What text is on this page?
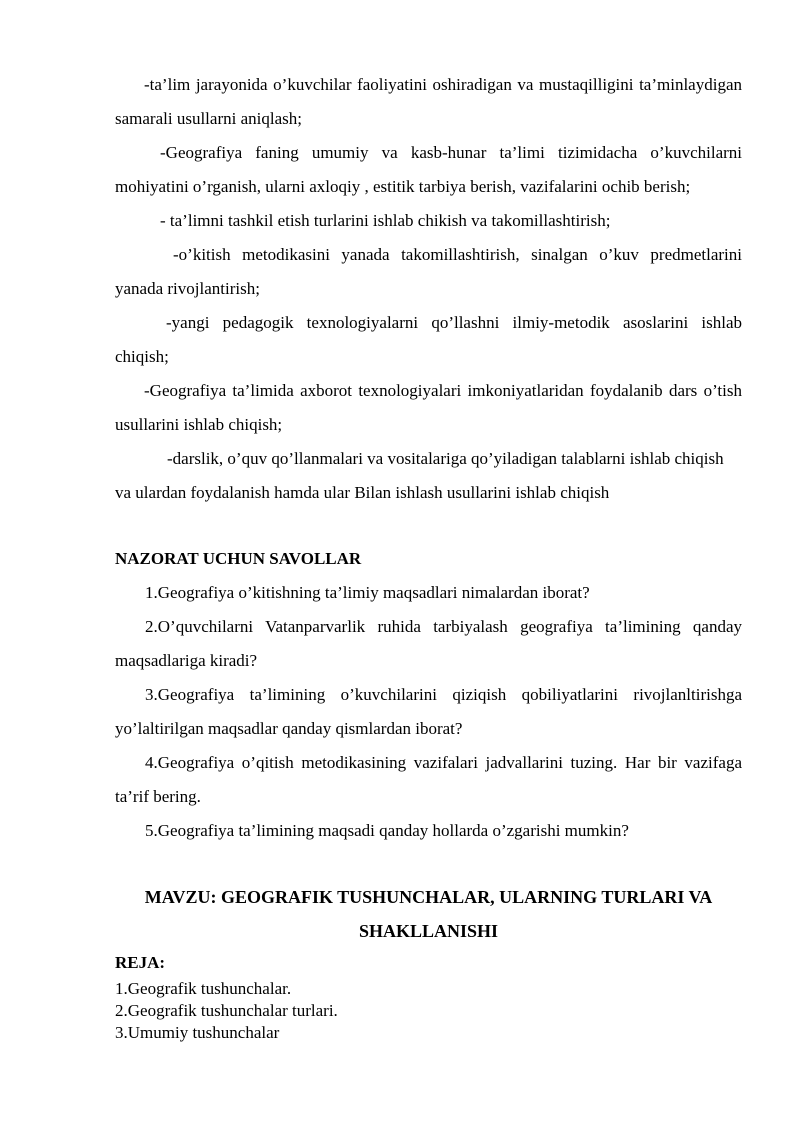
-ta’lim jarayonida o’kuvchilar faoliyatini oshiradigan va mustaqilligini ta’minlaydigan samarali usullarni aniqlash;

-Geografiya faning umumiy va kasb-hunar ta’limi tizimidacha o’kuvchilarni mohiyatini o’rganish, ularni axloqiy , estitik tarbiya berish, vazifalarini ochib berish;

- ta’limni tashkil etish turlarini ishlab chikish va takomillashtirish;

-o’kitish metodikasini yanada takomillashtirish, sinalgan o’kuv predmetlarini yanada rivojlantirish;

-yangi pedagogik texnologiyalarni qo’llashni ilmiy-metodik asoslarini ishlab chiqish;

-Geografiya ta’limida axborot texnologiyalari imkoniyatlaridan foydalanib dars o’tish usullarini ishlab chiqish;

-darslik, o’quv qo’llanmalari va vositalariga qo’yiladigan talablarni ishlab chiqish va ulardan foydalanish hamda ular Bilan ishlash usullarini ishlab chiqish

NAZORAT UCHUN SAVOLLAR

1.Geografiya o’kitishning ta’limiy maqsadlari nimalardan iborat?

2.O’quvchilarni Vatanparvarlik ruhida tarbiyalash geografiya ta’limining qanday maqsadlariga kiradi?

3.Geografiya ta’limining o’kuvchilarini qiziqish qobiliyatlarini rivojlanltirishga yo’laltirilgan maqsadlar qanday qismlardan iborat?

4.Geografiya o’qitish metodikasining vazifalari jadvallarini tuzing. Har bir vazifaga ta’rif bering.

5.Geografiya ta’limining maqsadi qanday hollarda o’zgarishi mumkin?

MAVZU: GEOGRAFIK TUSHUNCHALAR, ULARNING TURLARI VA

SHAKLLANISHI

REJA:

1.Geografik tushunchalar.

2.Geografik tushunchalar turlari.

3.Umumiy tushunchalar
